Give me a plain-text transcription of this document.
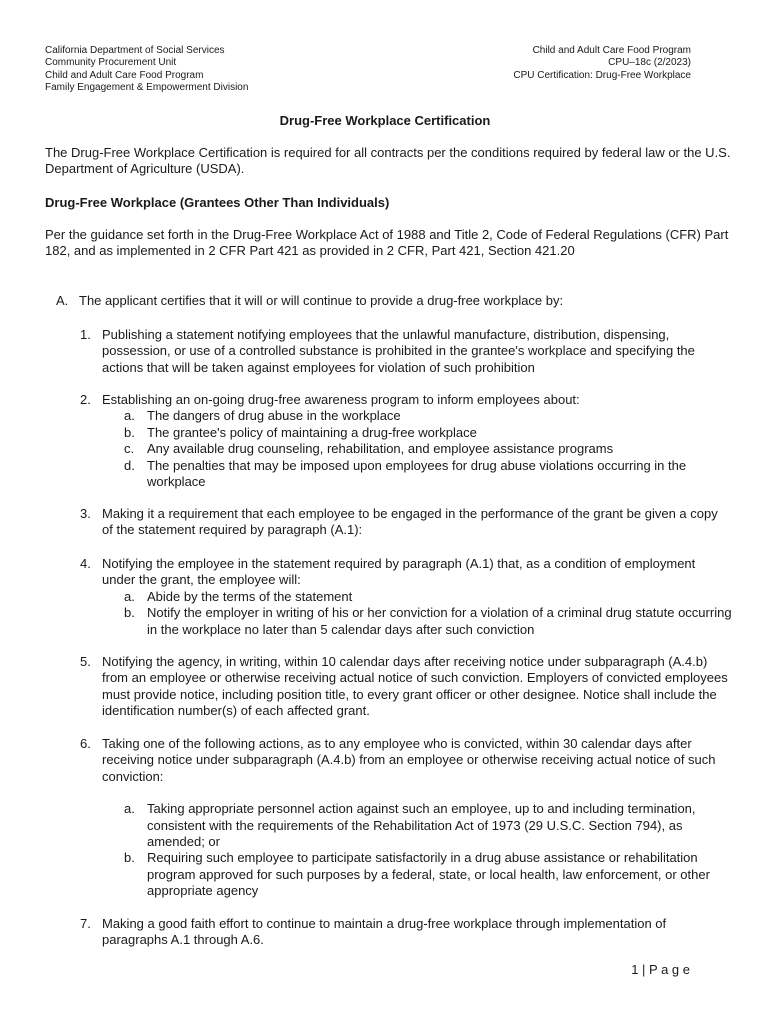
California Department of Social Services
Community Procurement Unit
Child and Adult Care Food Program
Family Engagement & Empowerment Division
Child and Adult Care Food Program
CPU–18c (2/2023)
CPU Certification: Drug-Free Workplace
Drug-Free Workplace Certification
The Drug-Free Workplace Certification is required for all contracts per the conditions required by federal law or the U.S. Department of Agriculture (USDA).
Drug-Free Workplace (Grantees Other Than Individuals)
Per the guidance set forth in the Drug-Free Workplace Act of 1988 and Title 2, Code of Federal Regulations (CFR) Part 182, and as implemented in 2 CFR Part 421 as provided in 2 CFR, Part 421, Section 421.20
A. The applicant certifies that it will or will continue to provide a drug-free workplace by:
1. Publishing a statement notifying employees that the unlawful manufacture, distribution, dispensing, possession, or use of a controlled substance is prohibited in the grantee's workplace and specifying the actions that will be taken against employees for violation of such prohibition
2. Establishing an on-going drug-free awareness program to inform employees about:
a. The dangers of drug abuse in the workplace
b. The grantee's policy of maintaining a drug-free workplace
c. Any available drug counseling, rehabilitation, and employee assistance programs
d. The penalties that may be imposed upon employees for drug abuse violations occurring in the workplace
3. Making it a requirement that each employee to be engaged in the performance of the grant be given a copy of the statement required by paragraph (A.1):
4. Notifying the employee in the statement required by paragraph (A.1) that, as a condition of employment under the grant, the employee will:
a. Abide by the terms of the statement
b. Notify the employer in writing of his or her conviction for a violation of a criminal drug statute occurring in the workplace no later than 5 calendar days after such conviction
5. Notifying the agency, in writing, within 10 calendar days after receiving notice under subparagraph (A.4.b) from an employee or otherwise receiving actual notice of such conviction. Employers of convicted employees must provide notice, including position title, to every grant officer or other designee. Notice shall include the identification number(s) of each affected grant.
6. Taking one of the following actions, as to any employee who is convicted, within 30 calendar days after receiving notice under subparagraph (A.4.b) from an employee or otherwise receiving actual notice of such conviction:
a. Taking appropriate personnel action against such an employee, up to and including termination, consistent with the requirements of the Rehabilitation Act of 1973 (29 U.S.C. Section 794), as amended; or
b. Requiring such employee to participate satisfactorily in a drug abuse assistance or rehabilitation program approved for such purposes by a federal, state, or local health, law enforcement, or other appropriate agency
7. Making a good faith effort to continue to maintain a drug-free workplace through implementation of paragraphs A.1 through A.6.
1 | P a g e
